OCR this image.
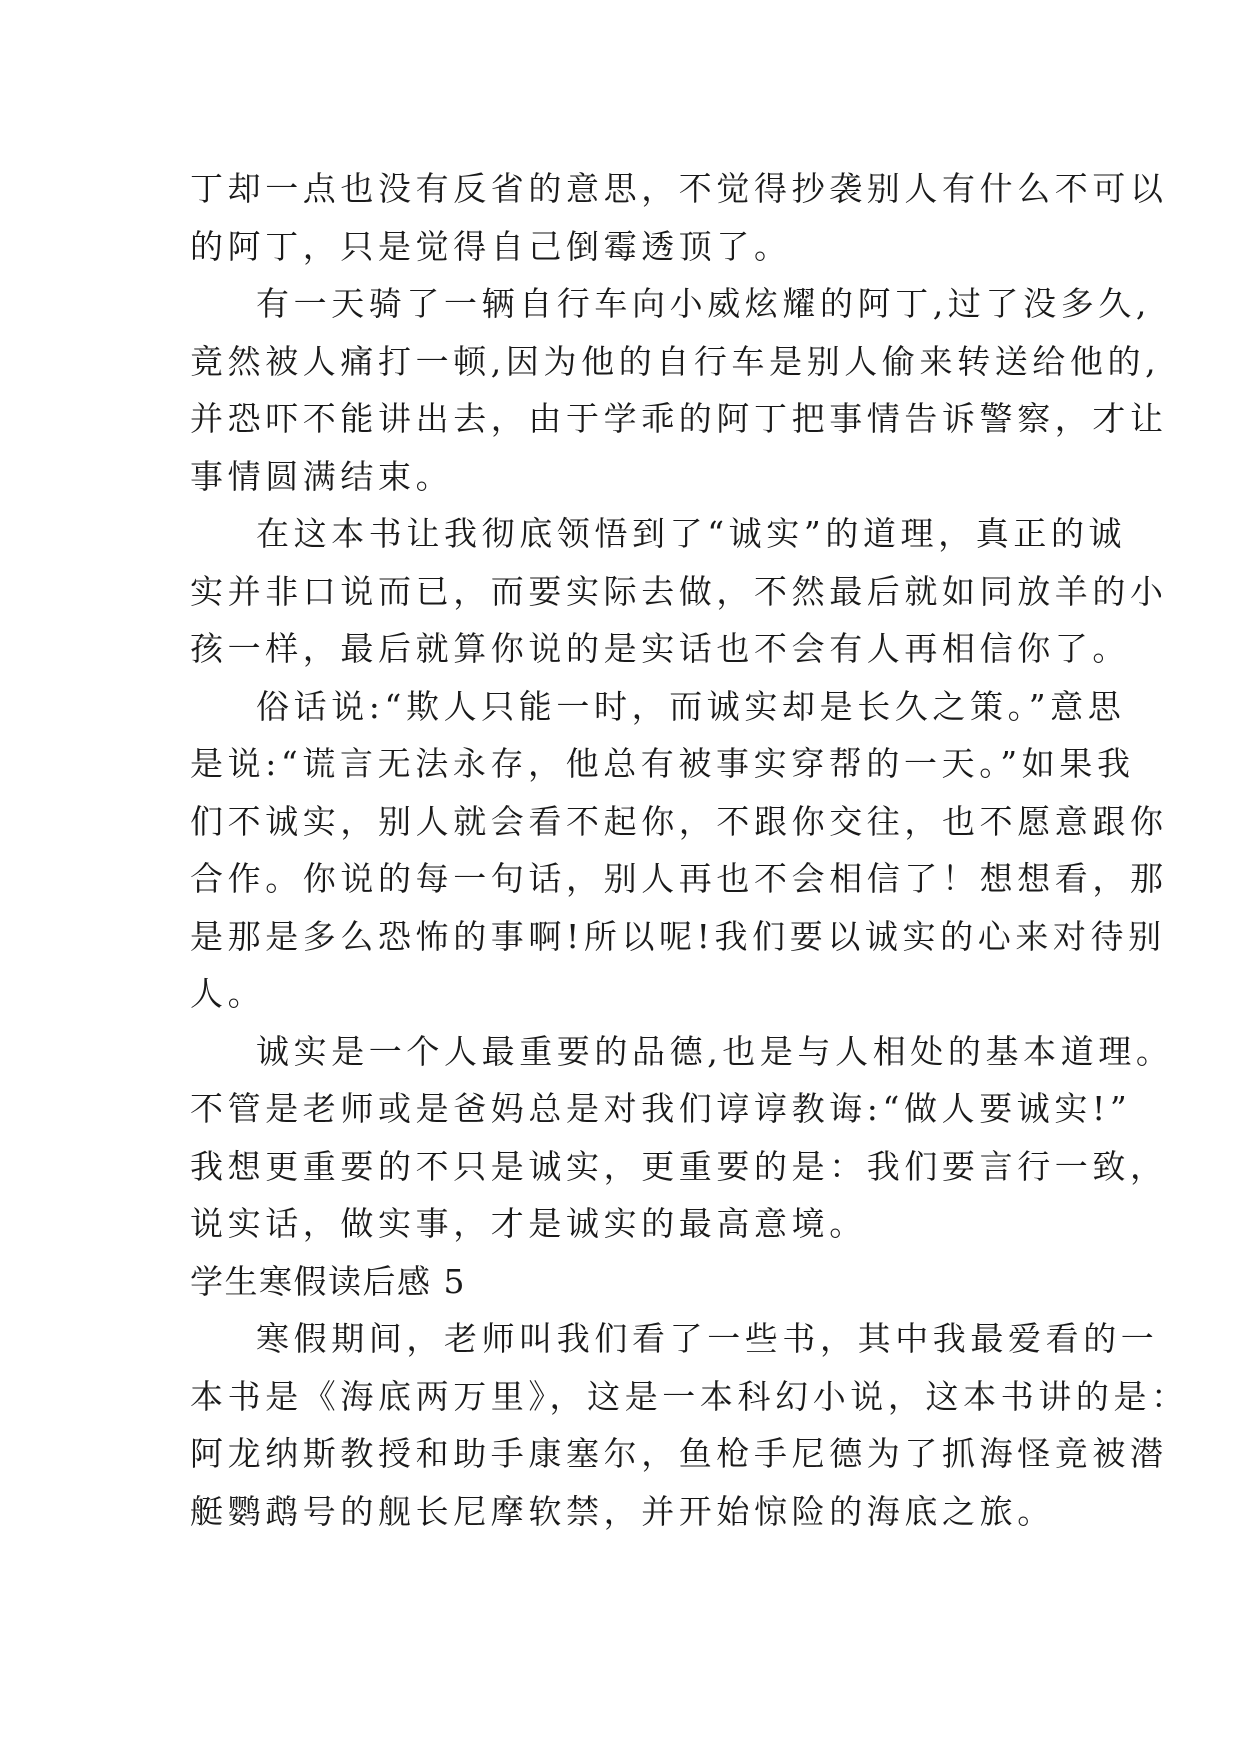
丁却一点也没有反省的意思，不觉得抄袭别人有什么不可以
的阿丁，只是觉得自己倒霉透顶了。
有一天骑了一辆自行车向小威炫耀的阿丁,过了没多久,
竟然被人痛打一顿,因为他的自行车是别人偷来转送给他的,
并恐吓不能讲出去，由于学乖的阿丁把事情告诉警察，才让
事情圆满结束。
在这本书让我彻底领悟到了“诚实”的道理，真正的诚
实并非口说而已，而要实际去做，不然最后就如同放羊的小
孩一样，最后就算你说的是实话也不会有人再相信你了。
俗话说:“欺人只能一时，而诚实却是长久之策。”意思
是说:“谎言无法永存，他总有被事实穿帮的一天。”如果我
们不诚实，别人就会看不起你，不跟你交往，也不愿意跟你
合作。你说的每一句话，别人再也不会相信了！想想看，那
是那是多么恐怖的事啊!所以呢!我们要以诚实的心来对待别
人。
诚实是一个人最重要的品德,也是与人相处的基本道理。
不管是老师或是爸妈总是对我们谆谆教诲:“做人要诚实!”
我想更重要的不只是诚实，更重要的是：我们要言行一致，
说实话，做实事，才是诚实的最高意境。
学生寒假读后感 5
寒假期间，老师叫我们看了一些书，其中我最爱看的一
本书是《海底两万里》，这是一本科幻小说，这本书讲的是：
阿龙纳斯教授和助手康塞尔，鱼枪手尼德为了抓海怪竟被潜
艇鹦鹉号的舰长尼摩软禁，并开始惊险的海底之旅。
